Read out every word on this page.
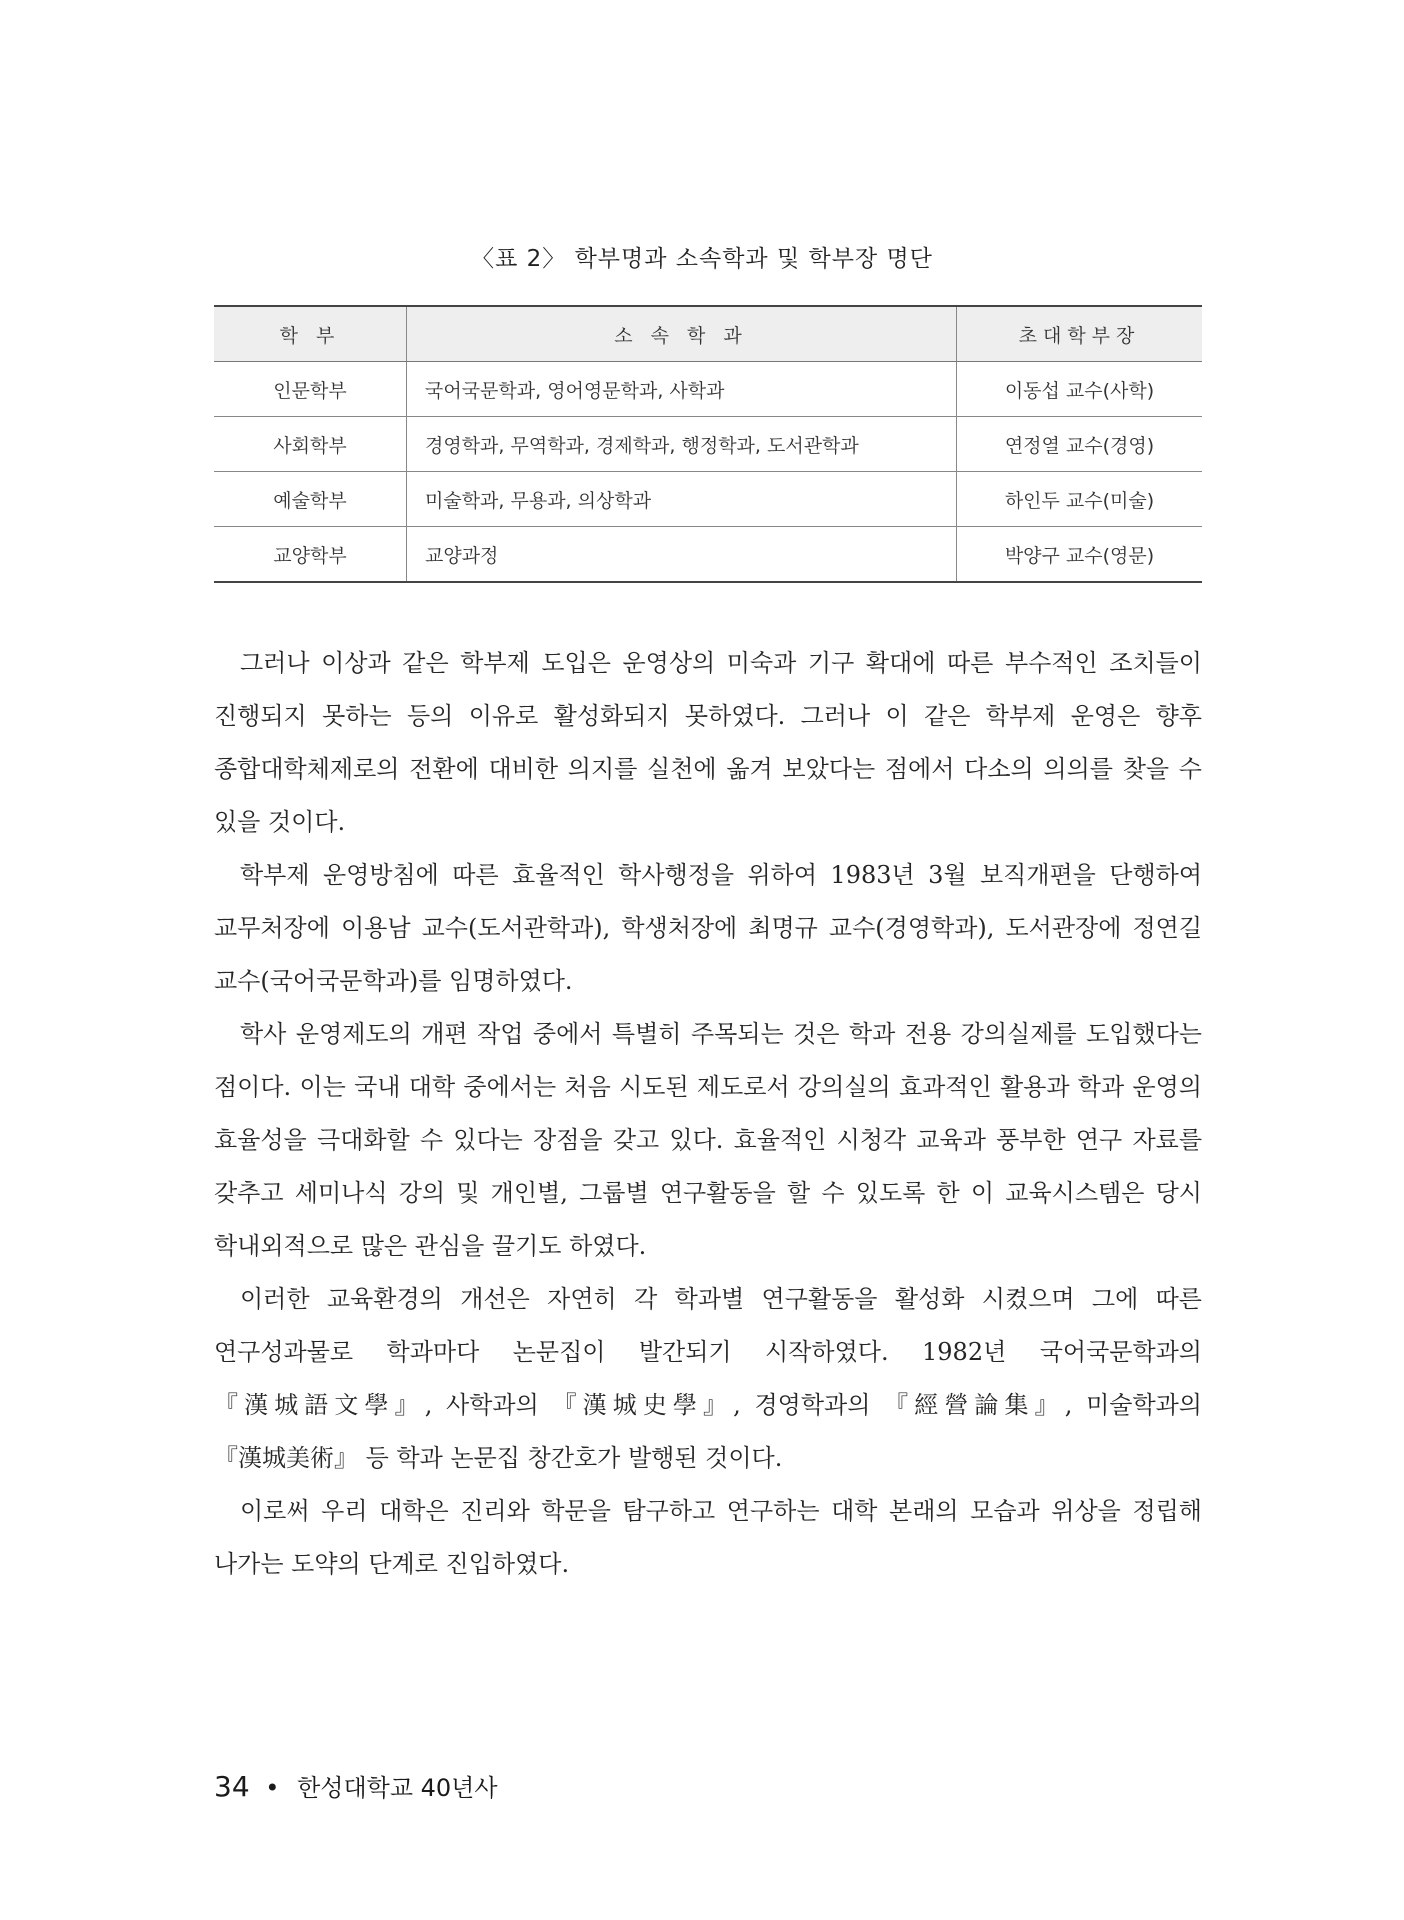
〈표 2〉 학부명과 소속학과 및 학부장 명단
학 부	소 속 학 과	초대학부장
인문학부	국어국문학과, 영어영문학과, 사학과	이동섭 교수(사학)
사회학부	경영학과, 무역학과, 경제학과, 행정학과, 도서관학과	연정열 교수(경영)
예술학부	미술학과, 무용과, 의상학과	하인두 교수(미술)
교양학부	교양과정	박양구 교수(영문)

그러나 이상과 같은 학부제 도입은 운영상의 미숙과 기구 확대에 따른 부수적인 조치들이 진행되지 못하는 등의 이유로 활성화되지 못하였다. 그러나 이 같은 학부제 운영은 향후 종합대학체제로의 전환에 대비한 의지를 실천에 옮겨 보았다는 점에서 다소의 의의를 찾을 수 있을 것이다.

학부제 운영방침에 따른 효율적인 학사행정을 위하여 1983년 3월 보직개편을 단행하여 교무처장에 이용남 교수(도서관학과), 학생처장에 최명규 교수(경영학과), 도서관장에 정연길 교수(국어국문학과)를 임명하였다.

학사 운영제도의 개편 작업 중에서 특별히 주목되는 것은 학과 전용 강의실제를 도입했다는 점이다. 이는 국내 대학 중에서는 처음 시도된 제도로서 강의실의 효과적인 활용과 학과 운영의 효율성을 극대화할 수 있다는 장점을 갖고 있다. 효율적인 시청각 교육과 풍부한 연구 자료를 갖추고 세미나식 강의 및 개인별, 그룹별 연구활동을 할 수 있도록 한 이 교육시스템은 당시 학내외적으로 많은 관심을 끌기도 하였다.

이러한 교육환경의 개선은 자연히 각 학과별 연구활동을 활성화 시켰으며 그에 따른 연구성과물로 학과마다 논문집이 발간되기 시작하였다. 1982년 국어국문학과의 『漢城語文學』, 사학과의 『漢城史學』, 경영학과의 『經營論集』, 미술학과의 『漢城美術』 등 학과 논문집 창간호가 발행된 것이다.

이로써 우리 대학은 진리와 학문을 탐구하고 연구하는 대학 본래의 모습과 위상을 정립해 나가는 도약의 단계로 진입하였다.

34 • 한성대학교 40년사
